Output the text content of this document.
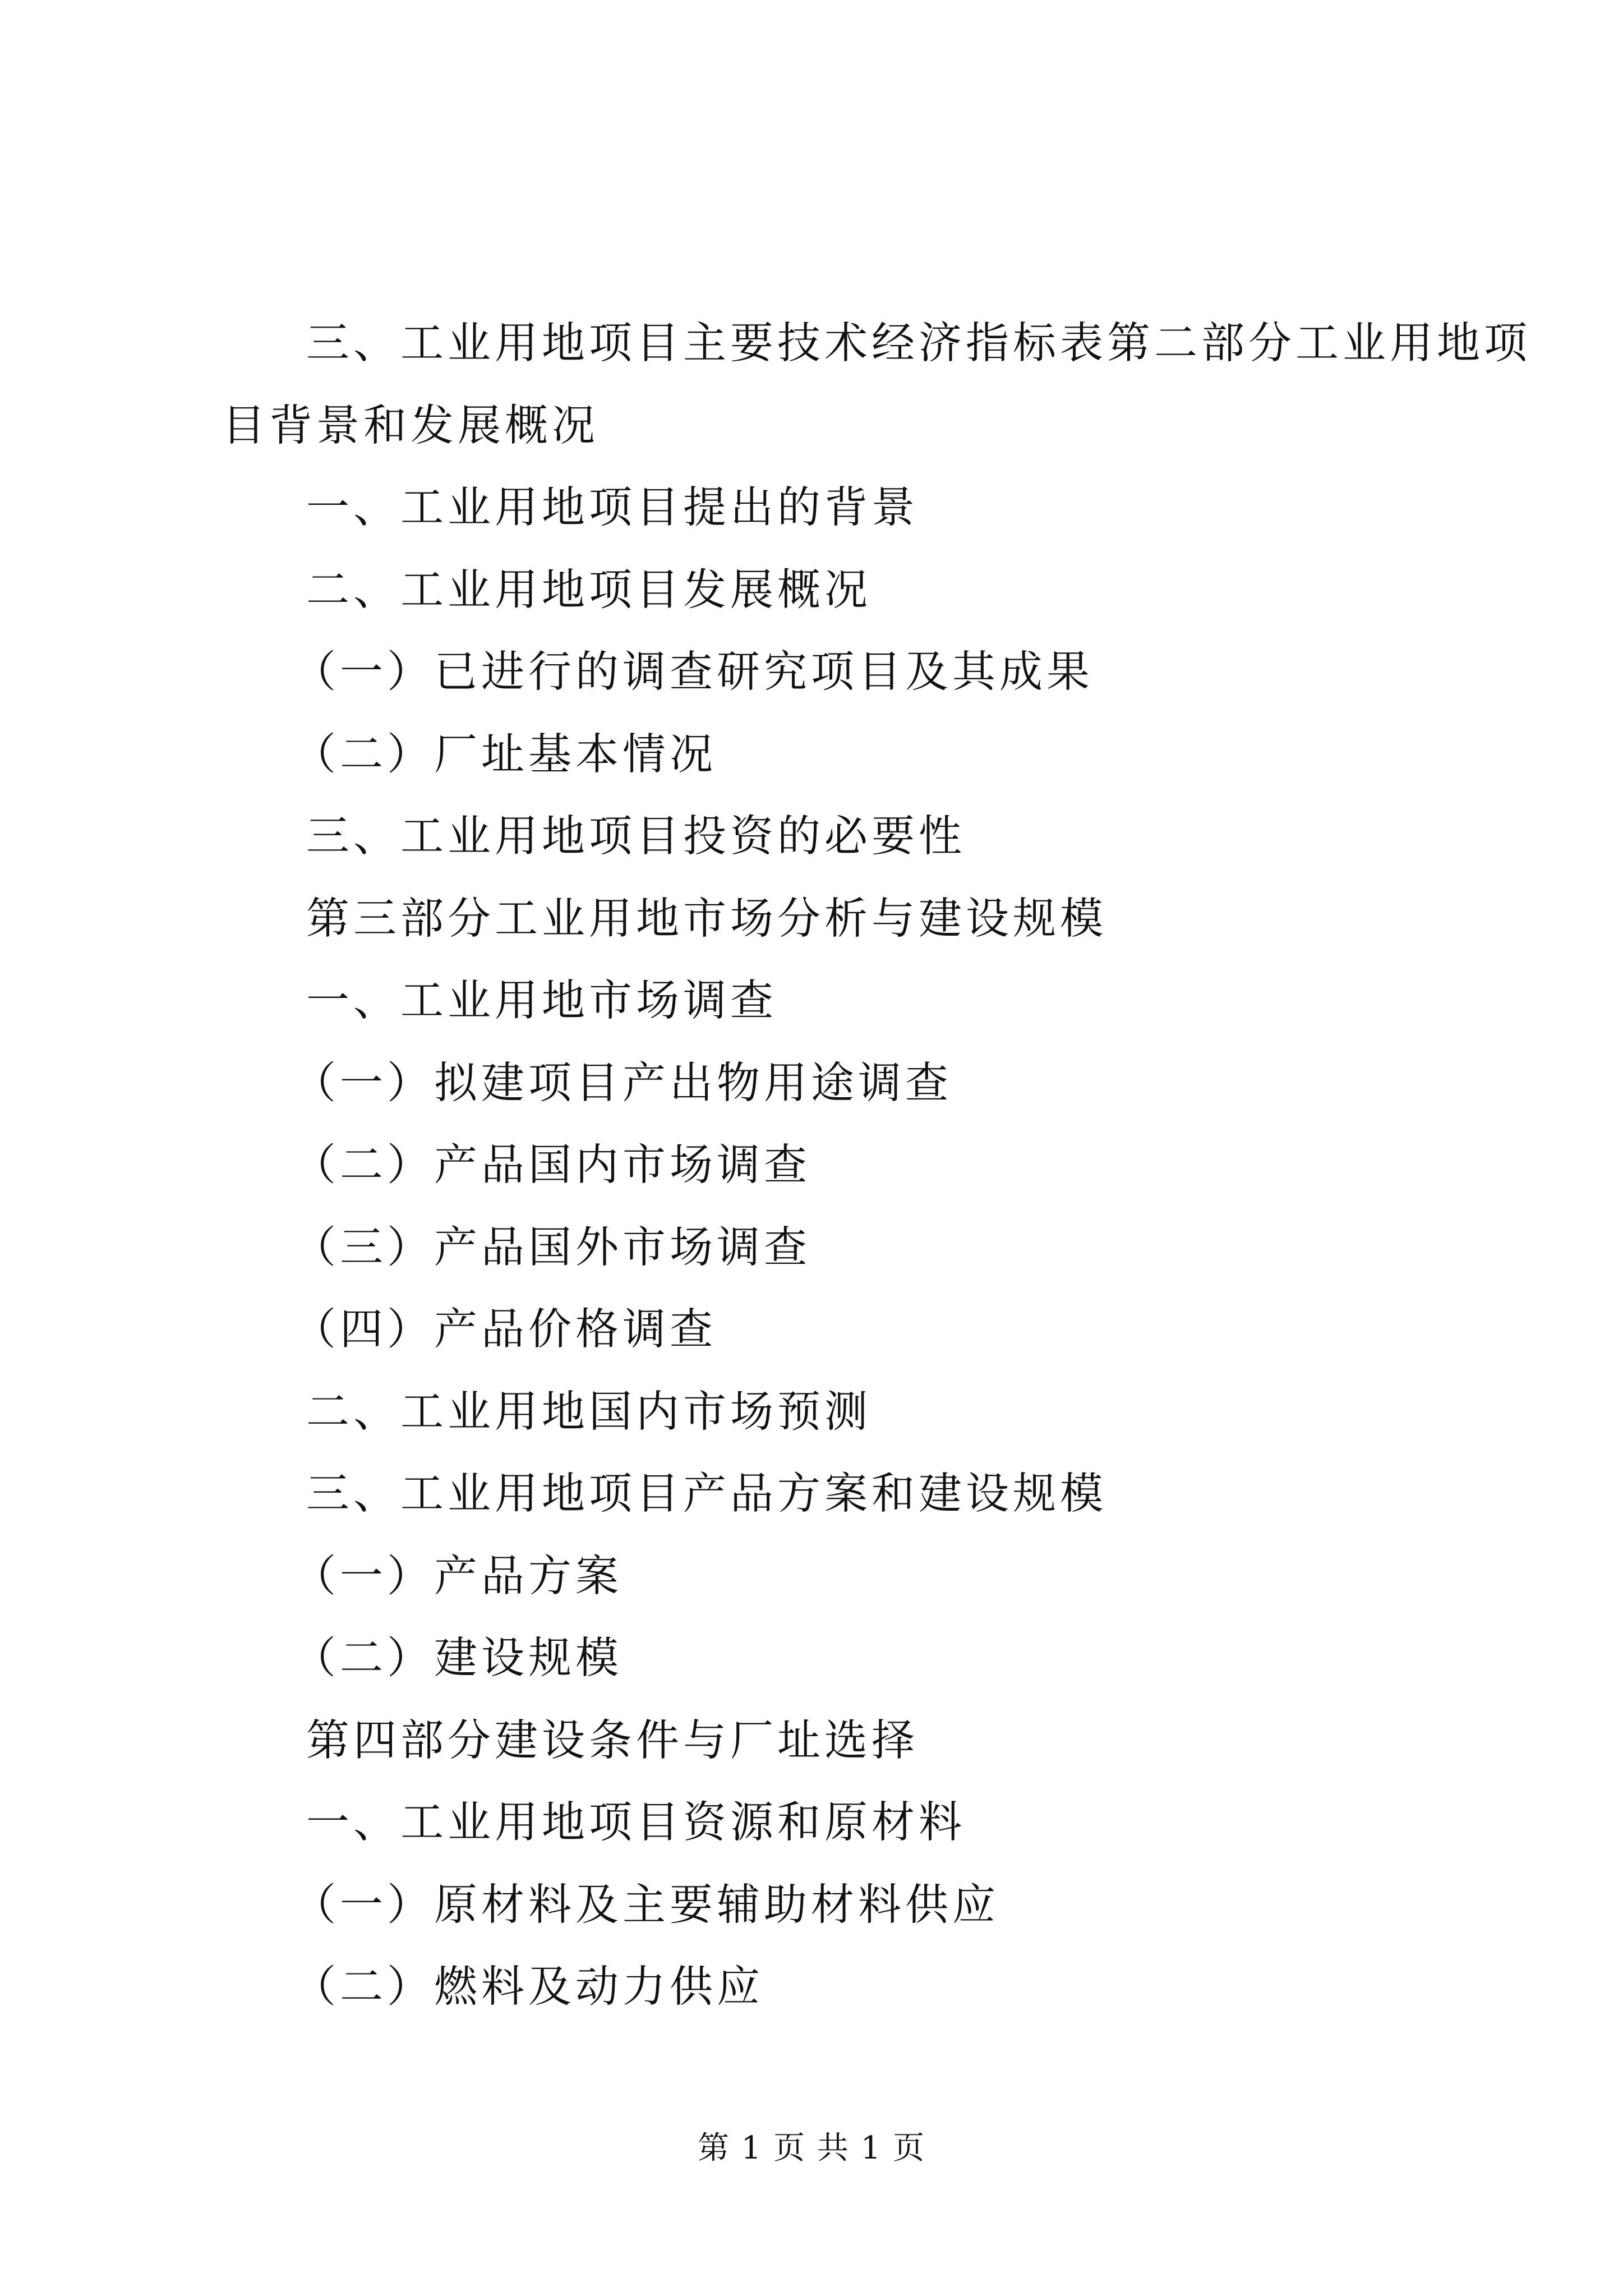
三、工业用地项目主要技术经济指标表第二部分工业用地项
目背景和发展概况
一、工业用地项目提出的背景
二、工业用地项目发展概况
（一）已进行的调查研究项目及其成果
（二）厂址基本情况
三、工业用地项目投资的必要性
第三部分工业用地市场分析与建设规模
一、工业用地市场调查
（一）拟建项目产出物用途调查
（二）产品国内市场调查
（三）产品国外市场调查
（四）产品价格调查
二、工业用地国内市场预测
三、工业用地项目产品方案和建设规模
（一）产品方案
（二）建设规模
第四部分建设条件与厂址选择
一、工业用地项目资源和原材料
（一）原材料及主要辅助材料供应
（二）燃料及动力供应
第 1 页 共 1 页
